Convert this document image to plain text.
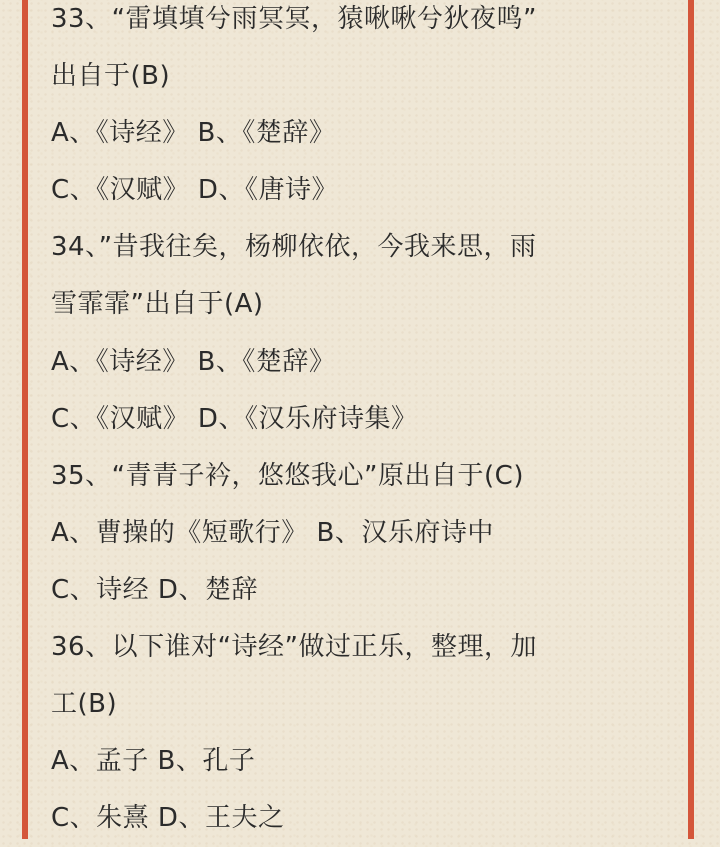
33、“雷填填兮雨冥冥，猿啾啾兮狄夜鸣”
出自于(B)
A、《诗经》 B、《楚辞》
C、《汉赋》 D、《唐诗》
34、”昔我往矣，杨柳依依，今我来思，雨
雪霏霏”出自于(A)
A、《诗经》 B、《楚辞》
C、《汉赋》 D、《汉乐府诗集》
35、“青青子衿，悠悠我心”原出自于(C)
A、曹操的《短歌行》 B、汉乐府诗中
C、诗经 D、楚辞
36、以下谁对“诗经”做过正乐，整理，加
工(B)
A、孟子 B、孔子
C、朱熹 D、王夫之
